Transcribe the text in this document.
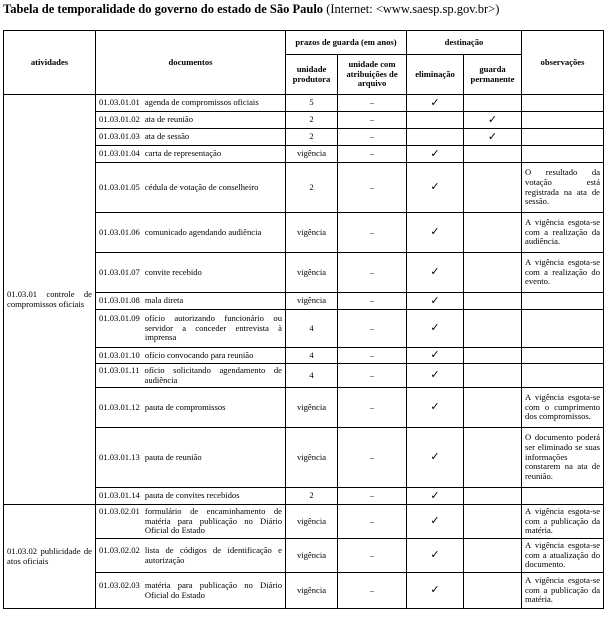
Tabela de temporalidade do governo do estado de São Paulo (Internet: <www.saesp.sp.gov.br>)
atividades	documentos	prazos de guarda (em anos)		destinação		observações
		unidade produtora	unidade com atribuições de arquivo	eliminação	guarda permanente	
01.03.01 controle de compromissos oficiais	01.03.01.01 agenda de compromissos oficiais	5	–	✓		

	01.03.01.02 ata de reunião	2	–		✓	

	01.03.01.03 ata de sessão	2	–		✓	

	01.03.01.04 carta de representação	vigência	–	✓		

	01.03.01.05 cédula de votação de conselheiro	2	–	✓		O resultado da votação está registrada na ata de sessão.

	01.03.01.06 comunicado agendando audiência	vigência	–	✓		A vigência esgota-se com a realização da audiência.

	01.03.01.07 convite recebido	vigência	–	✓		A vigência esgota-se com a realização do evento.

	01.03.01.08 mala direta	vigência	–	✓		

	01.03.01.09 ofício autorizando funcionário ou servidor a conceder entrevista à imprensa	4	–	✓		

	01.03.01.10 ofício convocando para reunião	4	–	✓		

	01.03.01.11 ofício solicitando agendamento de audiência	4	–	✓		

	01.03.01.12 pauta de compromissos	vigência	–	✓		A vigência esgota-se com o cumprimento dos compromissos.

	01.03.01.13 pauta de reunião	vigência	–	✓		O documento poderá ser eliminado se suas informações constarem na ata de reunião.

	01.03.01.14 pauta de convites recebidos	2	–	✓		
01.03.02 publicidade de atos oficiais	01.03.02.01 formulário de encaminhamento de matéria para publicação no Diário Oficial do Estado	vigência	–	✓		A vigência esgota-se com a publicação da matéria.

	01.03.02.02 lista de códigos de identificação e autorização	vigência	–	✓		A vigência esgota-se com a atualização do documento.

	01.03.02.03 matéria para publicação no Diário Oficial do Estado	vigência	–	✓		A vigência esgota-se com a publicação da matéria.
